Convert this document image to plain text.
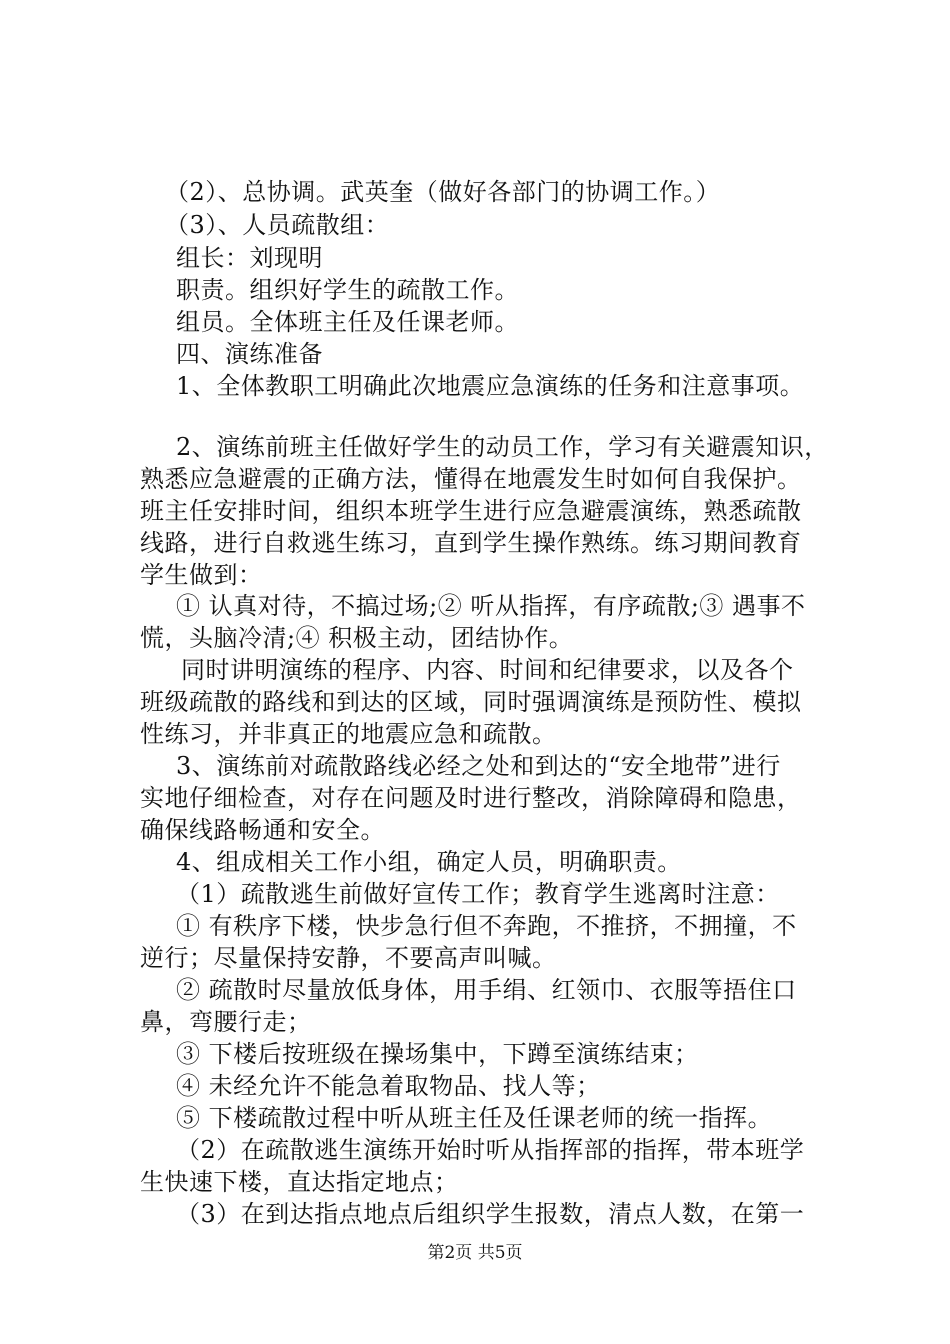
（2）、总协调。武英奎（做好各部门的协调工作。）
（3）、人员疏散组：
组长：刘现明
职责。组织好学生的疏散工作。
组员。全体班主任及任课老师。
四、演练准备
1、全体教职工明确此次地震应急演练的任务和注意事项。
2、演练前班主任做好学生的动员工作，学习有关避震知识，
熟悉应急避震的正确方法，懂得在地震发生时如何自我保护。
班主任安排时间，组织本班学生进行应急避震演练，熟悉疏散
线路，进行自救逃生练习，直到学生操作熟练。练习期间教育
学生做到：
① 认真对待，不搞过场;② 听从指挥，有序疏散;③ 遇事不
慌，头脑冷清;④ 积极主动，团结协作。
同时讲明演练的程序、内容、时间和纪律要求，以及各个
班级疏散的路线和到达的区域，同时强调演练是预防性、模拟
性练习，并非真正的地震应急和疏散。
3、演练前对疏散路线必经之处和到达的“安全地带”进行
实地仔细检查，对存在问题及时进行整改，消除障碍和隐患，
确保线路畅通和安全。
4、组成相关工作小组，确定人员，明确职责。
（1）疏散逃生前做好宣传工作；教育学生逃离时注意：
① 有秩序下楼，快步急行但不奔跑，不推挤，不拥撞，不
逆行；尽量保持安静，不要高声叫喊。
② 疏散时尽量放低身体，用手绢、红领巾、衣服等捂住口
鼻，弯腰行走；
③ 下楼后按班级在操场集中，下蹲至演练结束；
④ 未经允许不能急着取物品、找人等；
⑤ 下楼疏散过程中听从班主任及任课老师的统一指挥。
（2）在疏散逃生演练开始时听从指挥部的指挥，带本班学
生快速下楼，直达指定地点；
（3）在到达指点地点后组织学生报数，清点人数，在第一
第2页 共5页
